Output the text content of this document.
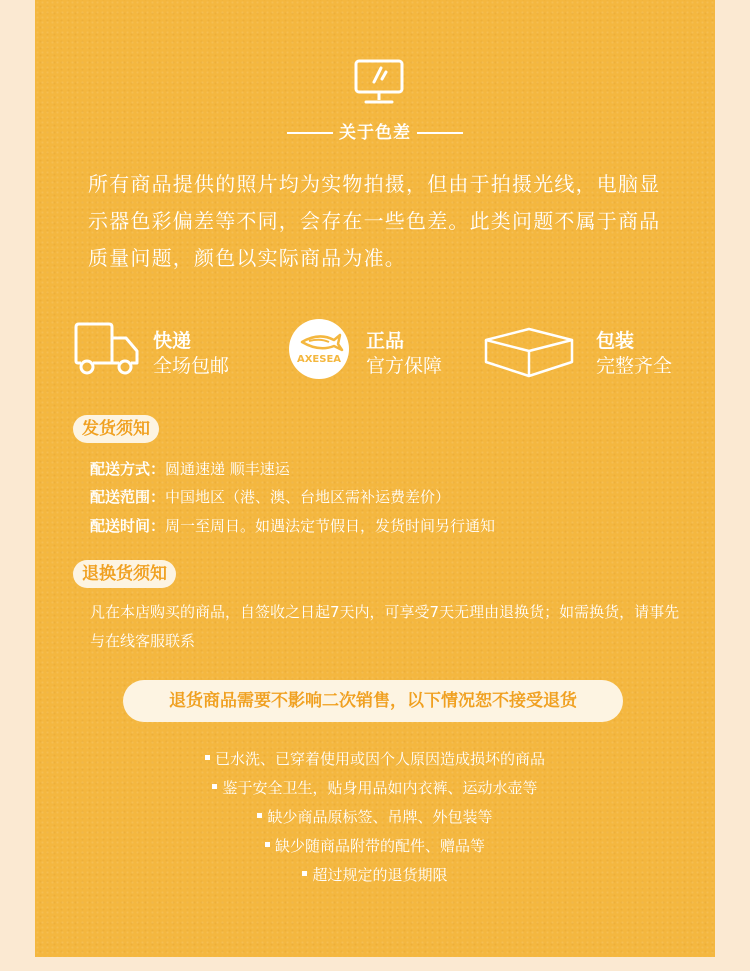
关于色差
所有商品提供的照片均为实物拍摄，但由于拍摄光线，电脑显示器色彩偏差等不同，会存在一些色差。此类问题不属于商品质量问题，颜色以实际商品为准。
快递
全场包邮	AXESEA
正品
官方保障
包装
完整齐全
发货须知
配送方式：圆通速递 顺丰速运
配送范围：中国地区（港、澳、台地区需补运费差价）
配送时间：周一至周日。如遇法定节假日，发货时间另行通知
退换货须知
凡在本店购买的商品，自签收之日起7天内，可享受7天无理由退换货；如需换货，请事先与在线客服联系
退货商品需要不影响二次销售，以下情况恕不接受退货
已水洗、已穿着使用或因个人原因造成损坏的商品
鉴于安全卫生，贴身用品如内衣裤、运动水壶等
缺少商品原标签、吊牌、外包装等
缺少随商品附带的配件、赠品等
超过规定的退货期限
